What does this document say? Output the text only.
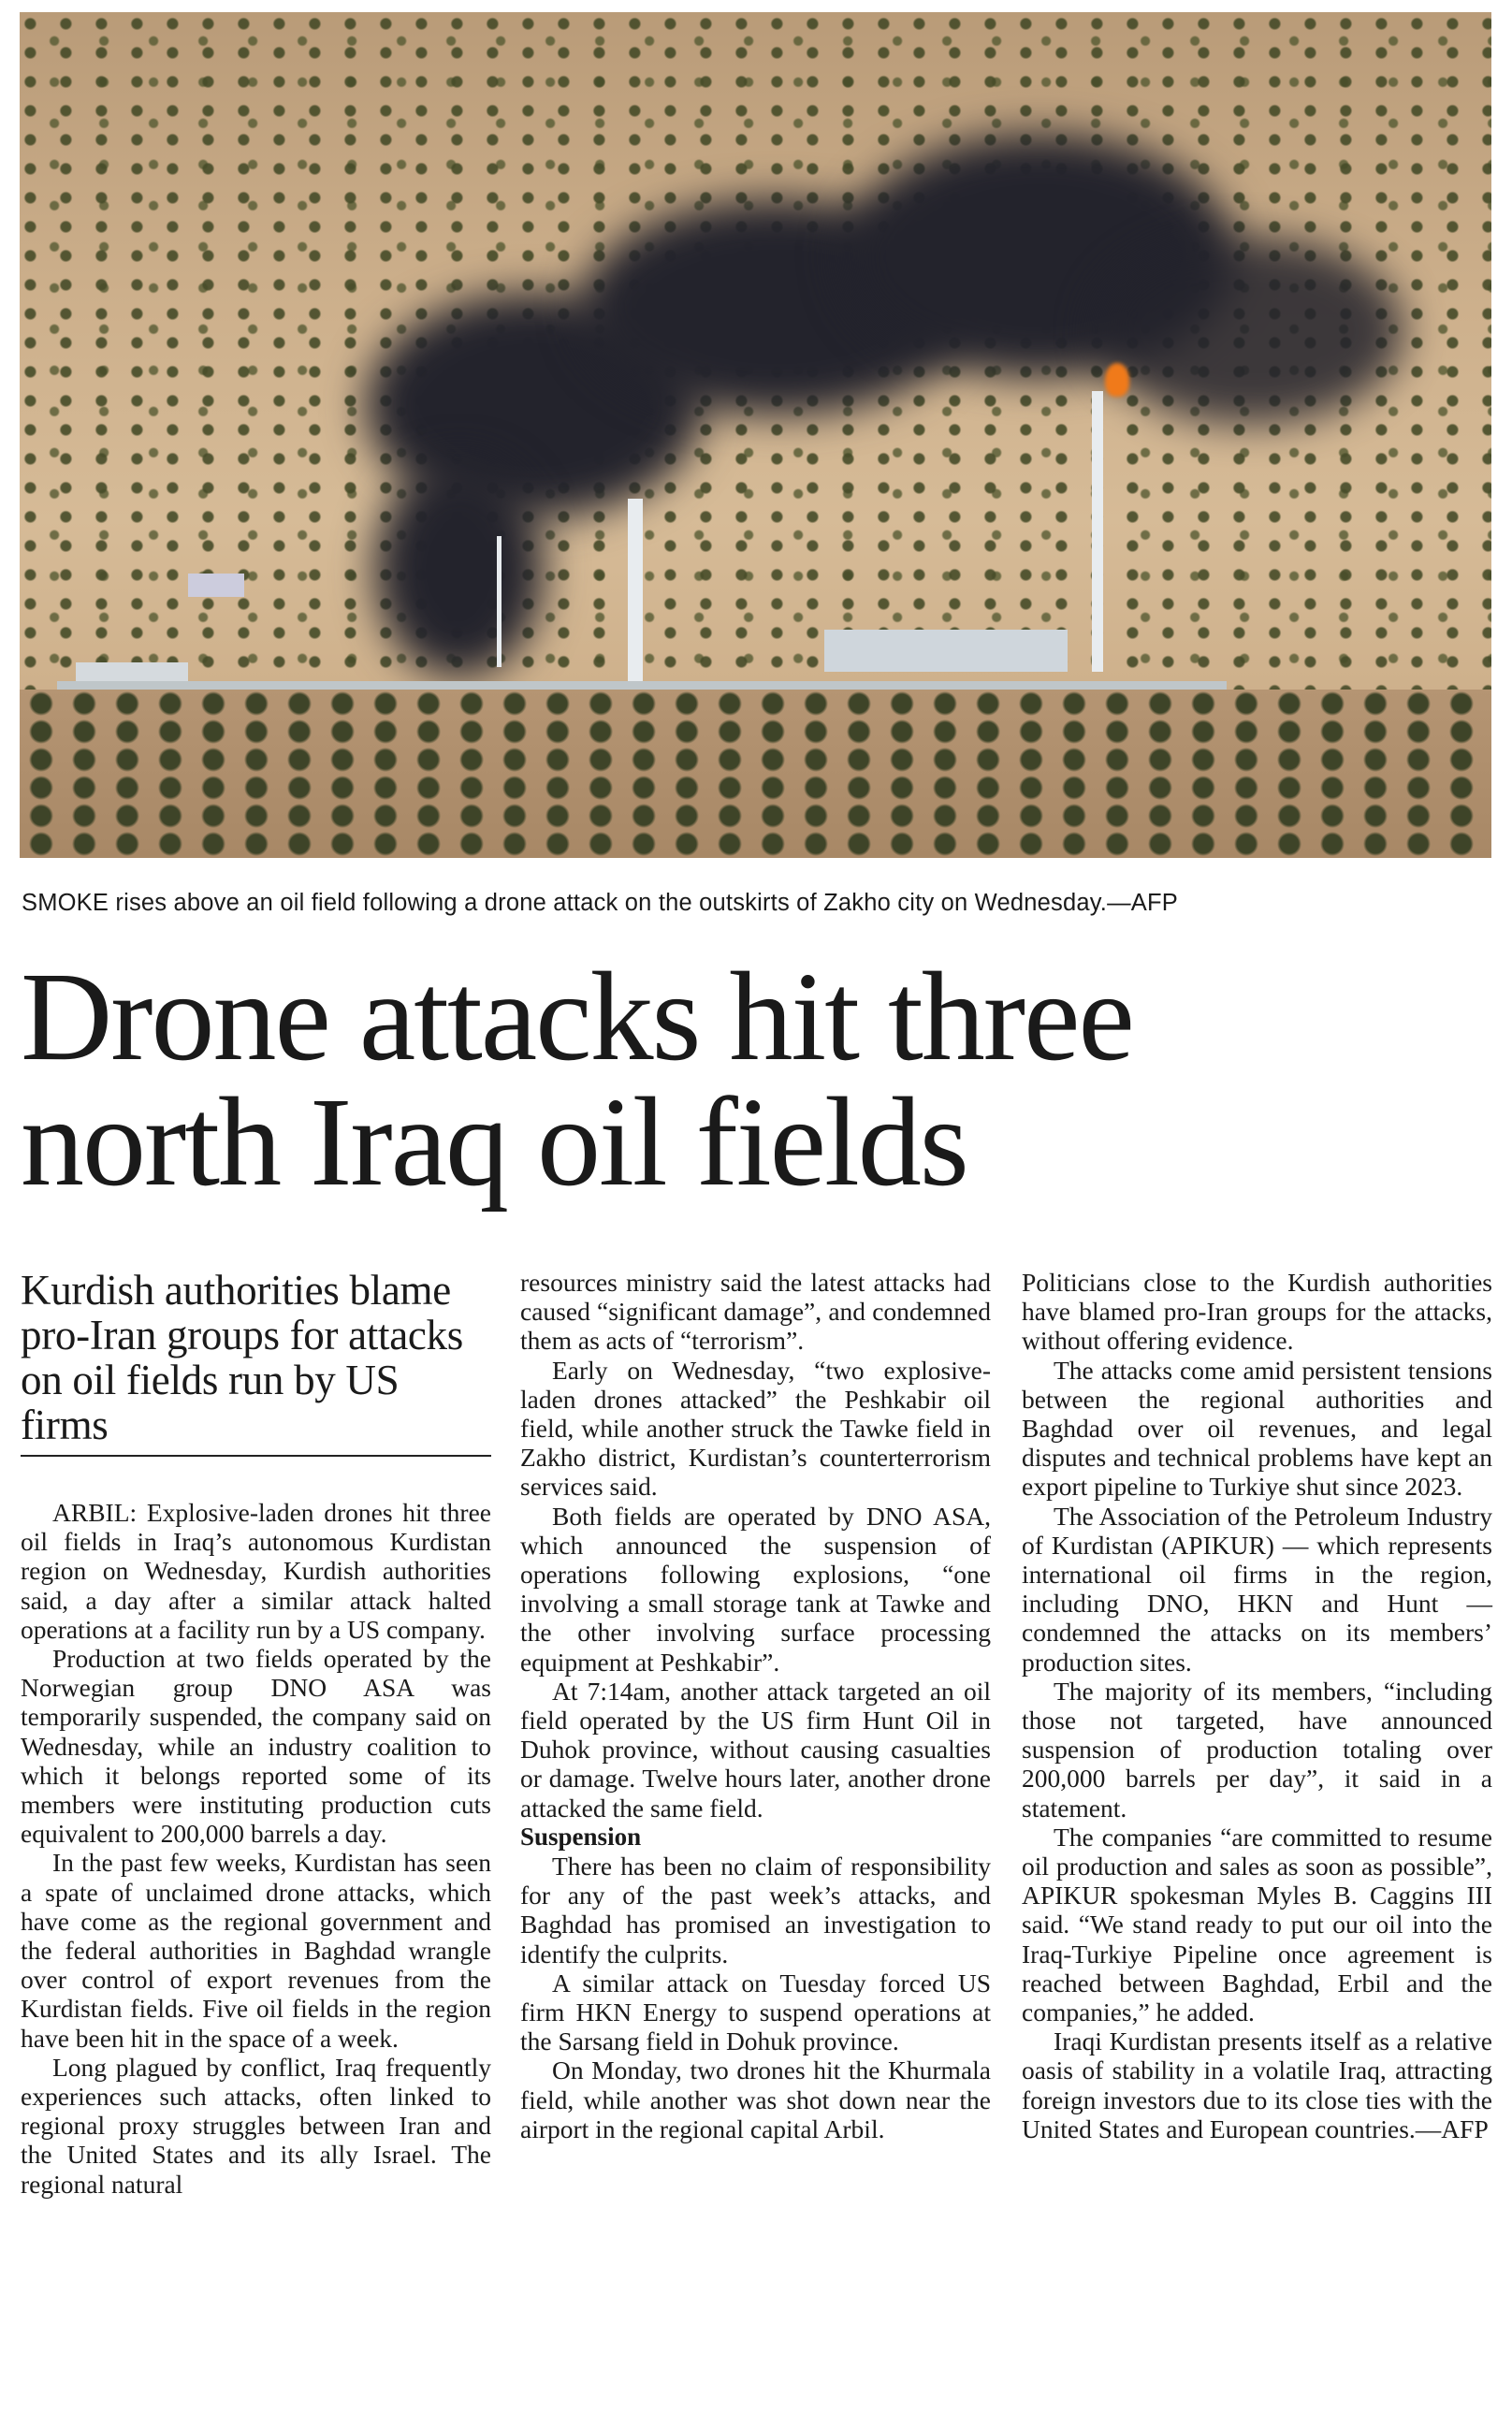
SMOKE rises above an oil field following a drone attack on the outskirts of Zakho city on Wednesday.—AFP
Drone attacks hit three
north Iraq oil fields
Kurdish authorities blame pro-Iran groups for attacks on oil fields run by US firms

ARBIL: Explosive-laden drones hit three oil fields in Iraq’s autonomous Kurdistan region on Wednesday, Kurdish authorities said, a day after a similar attack halted operations at a facility run by a US company.

Production at two fields operated by the Norwegian group DNO ASA was temporarily suspended, the company said on Wednesday, while an industry coalition to which it belongs reported some of its members were instituting production cuts equivalent to 200,000 barrels a day.

In the past few weeks, Kurdistan has seen a spate of unclaimed drone attacks, which have come as the regional government and the federal authorities in Baghdad wrangle over control of export revenues from the Kurdistan fields. Five oil fields in the region have been hit in the space of a week.

Long plagued by conflict, Iraq frequently experiences such attacks, often linked to regional proxy struggles between Iran and the United States and its ally Israel. The regional natural

resources ministry said the latest attacks had caused “significant damage”, and condemned them as acts of “terrorism”.

Early on Wednesday, “two explosive-laden drones attacked” the Peshkabir oil field, while another struck the Tawke field in Zakho district, Kurdistan’s counterterrorism services said.

Both fields are operated by DNO ASA, which announced the suspension of operations following explosions, “one involving a small storage tank at Tawke and the other involving surface processing equipment at Peshkabir”.

At 7:14am, another attack targeted an oil field operated by the US firm Hunt Oil in Duhok province, without causing casualties or damage. Twelve hours later, another drone attacked the same field.

Suspension

There has been no claim of responsibility for any of the past week’s attacks, and Baghdad has promised an investigation to identify the culprits.

A similar attack on Tuesday forced US firm HKN Energy to suspend operations at the Sarsang field in Dohuk province.

On Monday, two drones hit the Khurmala field, while another was shot down near the airport in the regional capital Arbil.

Politicians close to the Kurdish authorities have blamed pro-Iran groups for the attacks, without offering evidence.

The attacks come amid persistent tensions between the regional authorities and Baghdad over oil revenues, and legal disputes and technical problems have kept an export pipeline to Turkiye shut since 2023.

The Association of the Petroleum Industry of Kurdistan (APIKUR) — which represents international oil firms in the region, including DNO, HKN and Hunt — condemned the attacks on its members’ production sites.

The majority of its members, “including those not targeted, have announced suspension of production totaling over 200,000 barrels per day”, it said in a statement.

The companies “are committed to resume oil production and sales as soon as possible”, APIKUR spokesman Myles B. Caggins III said. “We stand ready to put our oil into the Iraq-Turkiye Pipeline once agreement is reached between Baghdad, Erbil and the companies,” he added.

Iraqi Kurdistan presents itself as a relative oasis of stability in a volatile Iraq, attracting foreign investors due to its close ties with the United States and European countries.—AFP
